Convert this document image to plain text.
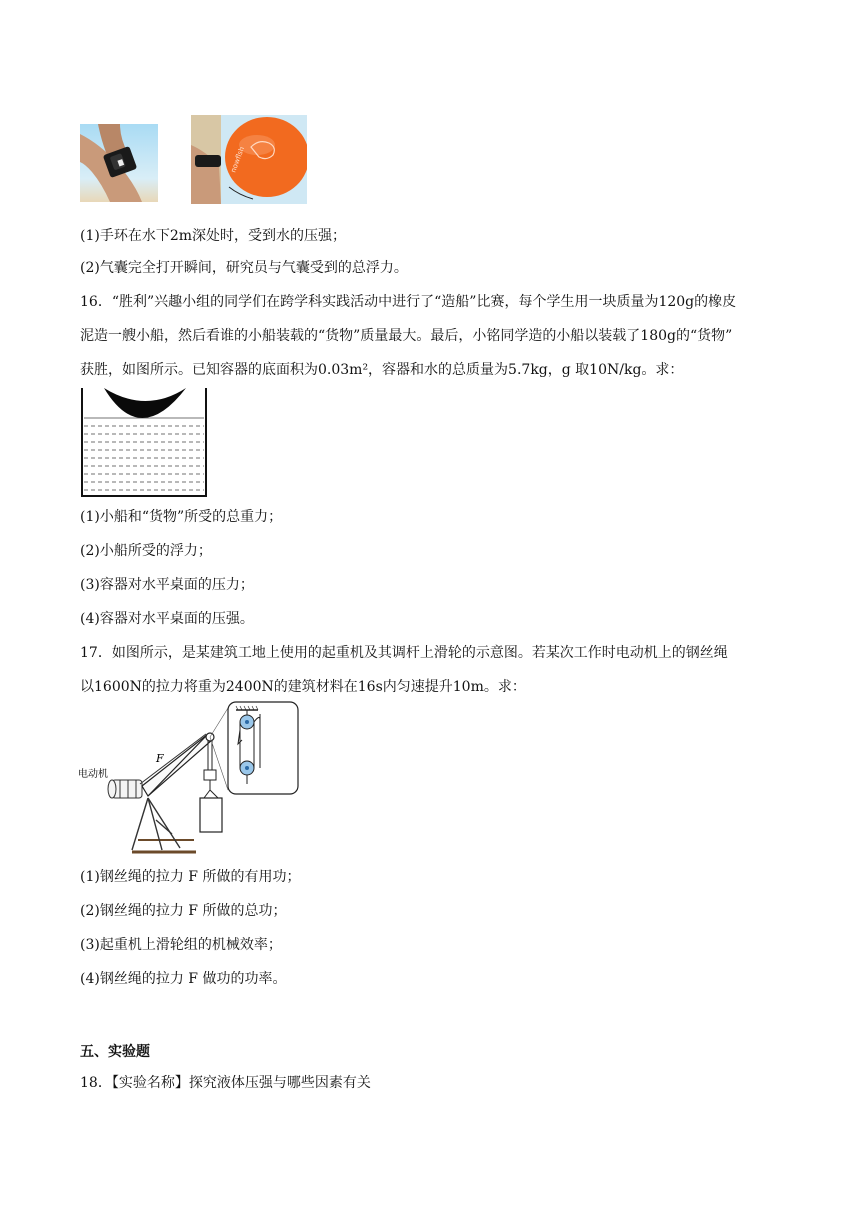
nowflsh
(1)手环在水下2m深处时，受到水的压强；
(2)气囊完全打开瞬间，研究员与气囊受到的总浮力。
16．“胜利”兴趣小组的同学们在跨学科实践活动中进行了“造船”比赛，每个学生用一块质量为120g的橡皮
泥造一艘小船，然后看谁的小船装载的“货物”质量最大。最后，小铭同学造的小船以装载了180g的“货物”
获胜，如图所示。已知容器的底面积为0.03m²，容器和水的总质量为5.7kg，g 取10N/kg。求：
(1)小船和“货物”所受的总重力；
(2)小船所受的浮力；
(3)容器对水平桌面的压力；
(4)容器对水平桌面的压强。
17．如图所示，是某建筑工地上使用的起重机及其调杆上滑轮的示意图。若某次工作时电动机上的钢丝绳
以1600N的拉力将重为2400N的建筑材料在16s内匀速提升10m。求：
电动机
F
(1)钢丝绳的拉力 F 所做的有用功；
(2)钢丝绳的拉力 F 所做的总功；
(3)起重机上滑轮组的机械效率；
(4)钢丝绳的拉力 F 做功的功率。
五、实验题
18．【实验名称】探究液体压强与哪些因素有关
